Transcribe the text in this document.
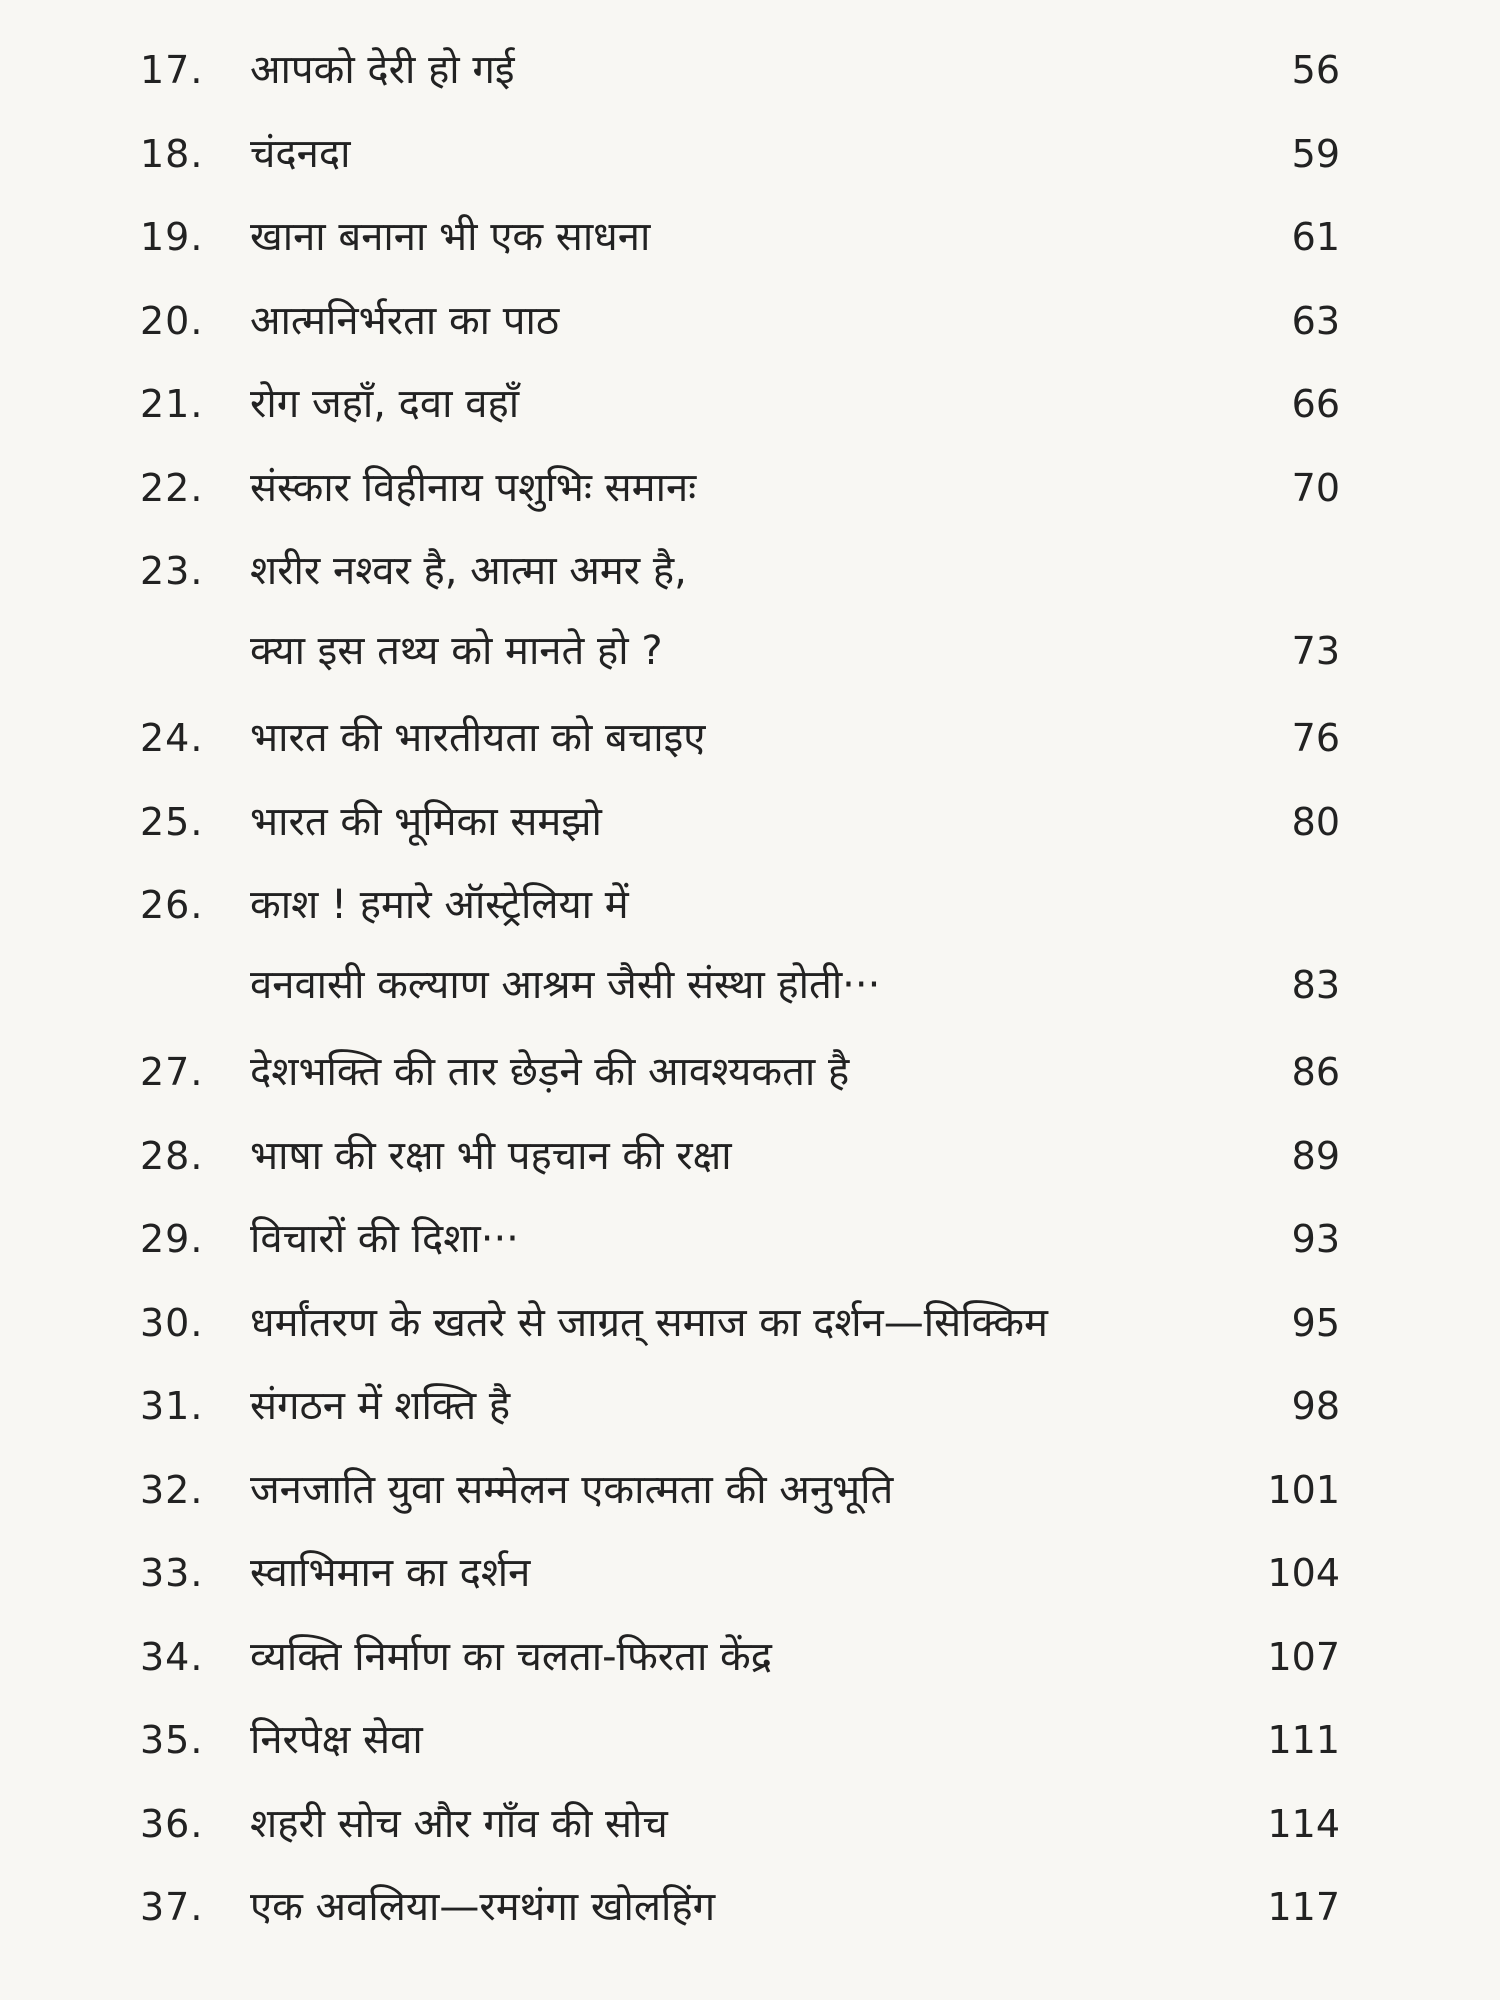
17.	आपको देरी हो गई	56
18.	चंदनदा	59
19.	खाना बनाना भी एक साधना	61
20.	आत्मनिर्भरता का पाठ	63
21.	रोग जहाँ, दवा वहाँ	66
22.	संस्कार विहीनाय पशुभिः समानः	70
23.	शरीर नश्वर है, आत्मा अमर है,
क्या इस तथ्य को मानते हो ?	73
24.	भारत की भारतीयता को बचाइए	76
25.	भारत की भूमिका समझो	80
26.	काश ! हमारे ऑस्ट्रेलिया में
वनवासी कल्याण आश्रम जैसी संस्था होती···	83
27.	देशभक्ति की तार छेड़ने की आवश्यकता है	86
28.	भाषा की रक्षा भी पहचान की रक्षा	89
29.	विचारों की दिशा···	93
30.	धर्मांतरण के खतरे से जाग्रत् समाज का दर्शन—सिक्किम	95
31.	संगठन में शक्ति है	98
32.	जनजाति युवा सम्मेलन एकात्मता की अनुभूति	101
33.	स्वाभिमान का दर्शन	104
34.	व्यक्ति निर्माण का चलता-फिरता केंद्र	107
35.	निरपेक्ष सेवा	111
36.	शहरी सोच और गाँव की सोच	114
37.	एक अवलिया—रमथंगा खोलहिंग	117
